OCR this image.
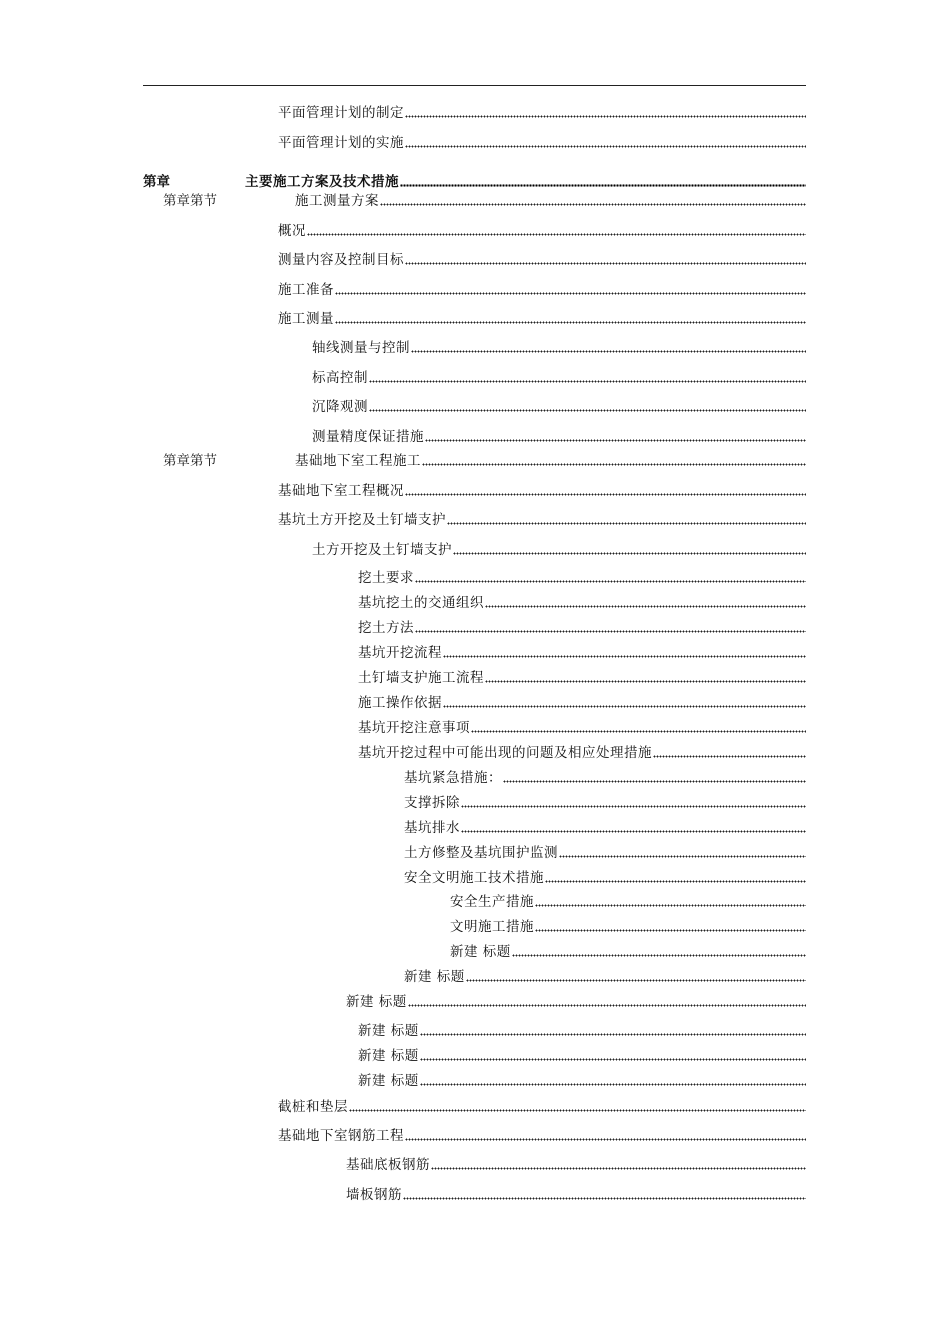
平面管理计划的制定
平面管理计划的实施
主要施工方案及技术措施
第章
施工测量方案
第章第节
概况
测量内容及控制目标
施工准备
施工测量
轴线测量与控制
标高控制
沉降观测
测量精度保证措施
基础地下室工程施工
第章第节
基础地下室工程概况
基坑土方开挖及土钉墙支护
土方开挖及土钉墙支护
挖土要求
基坑挖土的交通组织
挖土方法
基坑开挖流程
土钉墙支护施工流程
施工操作依据
基坑开挖注意事项
基坑开挖过程中可能出现的问题及相应处理措施
基坑紧急措施：
支撑拆除
基坑排水
土方修整及基坑围护监测
安全文明施工技术措施
安全生产措施
文明施工措施
新建 标题
新建 标题
新建 标题
新建 标题
新建 标题
新建 标题
截桩和垫层
基础地下室钢筋工程
基础底板钢筋
墙板钢筋
